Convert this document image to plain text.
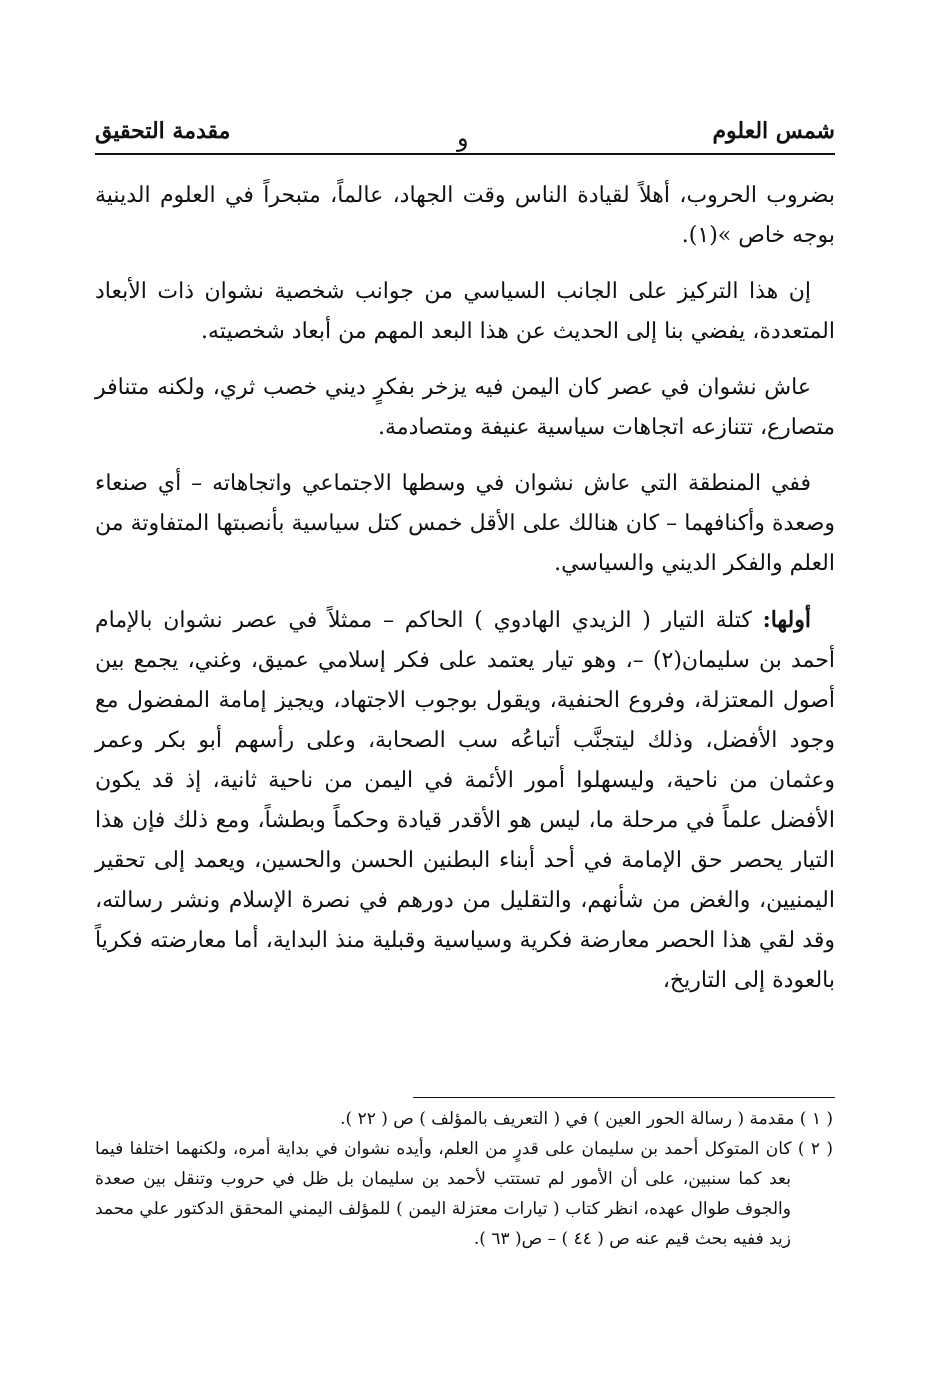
شمس العلوم
و
مقدمة التحقيق

بضروب الحروب، أهلاً لقيادة الناس وقت الجهاد، عالماً، متبحراً في العلوم الدينية بوجه خاص »(١).

إن هذا التركيز على الجانب السياسي من جوانب شخصية نشوان ذات الأبعاد المتعددة، يفضي بنا إلى الحديث عن هذا البعد المهم من أبعاد شخصيته.

عاش نشوان في عصر كان اليمن فيه يزخر بفكرٍ ديني خصب ثري، ولكنه متنافر متصارع، تتنازعه اتجاهات سياسية عنيفة ومتصادمة.

ففي المنطقة التي عاش نشوان في وسطها الاجتماعي واتجاهاته – أي صنعاء وصعدة وأكنافهما – كان هنالك على الأقل خمس كتل سياسية بأنصبتها المتفاوتة من العلم والفكر الديني والسياسي.

أولها: كتلة التيار ( الزيدي الهادوي ) الحاكم – ممثلاً في عصر نشوان بالإمام أحمد بن سليمان(٢) –، وهو تيار يعتمد على فكر إسلامي عميق، وغني، يجمع بين أصول المعتزلة، وفروع الحنفية، ويقول بوجوب الاجتهاد، ويجيز إمامة المفضول مع وجود الأفضل، وذلك ليتجنَّب أتباعُه سب الصحابة، وعلى رأسهم أبو بكر وعمر وعثمان من ناحية، وليسهلوا أمور الأئمة في اليمن من ناحية ثانية، إذ قد يكون الأفضل علماً في مرحلة ما، ليس هو الأقدر قيادة وحكماً وبطشاً، ومع ذلك فإن هذا التيار يحصر حق الإمامة في أحد أبناء البطنين الحسن والحسين، ويعمد إلى تحقير اليمنيين، والغض من شأنهم، والتقليل من دورهم في نصرة الإسلام ونشر رسالته، وقد لقي هذا الحصر معارضة فكرية وسياسية وقبلية منذ البداية، أما معارضته فكرياً بالعودة إلى التاريخ،

( ١ ) مقدمة ( رسالة الحور العين ) في ( التعريف بالمؤلف ) ص ( ٢٢ ).
( ٢ ) كان المتوكل أحمد بن سليمان على قدرٍ من العلم، وأيده نشوان في بداية أمره، ولكنهما اختلفا فيما بعد كما سنبين، على أن الأمور لم تستتب لأحمد بن سليمان بل ظل في حروب وتنقل بين صعدة والجوف طوال عهده، انظر كتاب ( تيارات معتزلة اليمن ) للمؤلف اليمني المحقق الدكتور علي محمد زيد ففيه بحث قيم عنه ص ( ٤٤ ) – ص( ٦٣ ).
